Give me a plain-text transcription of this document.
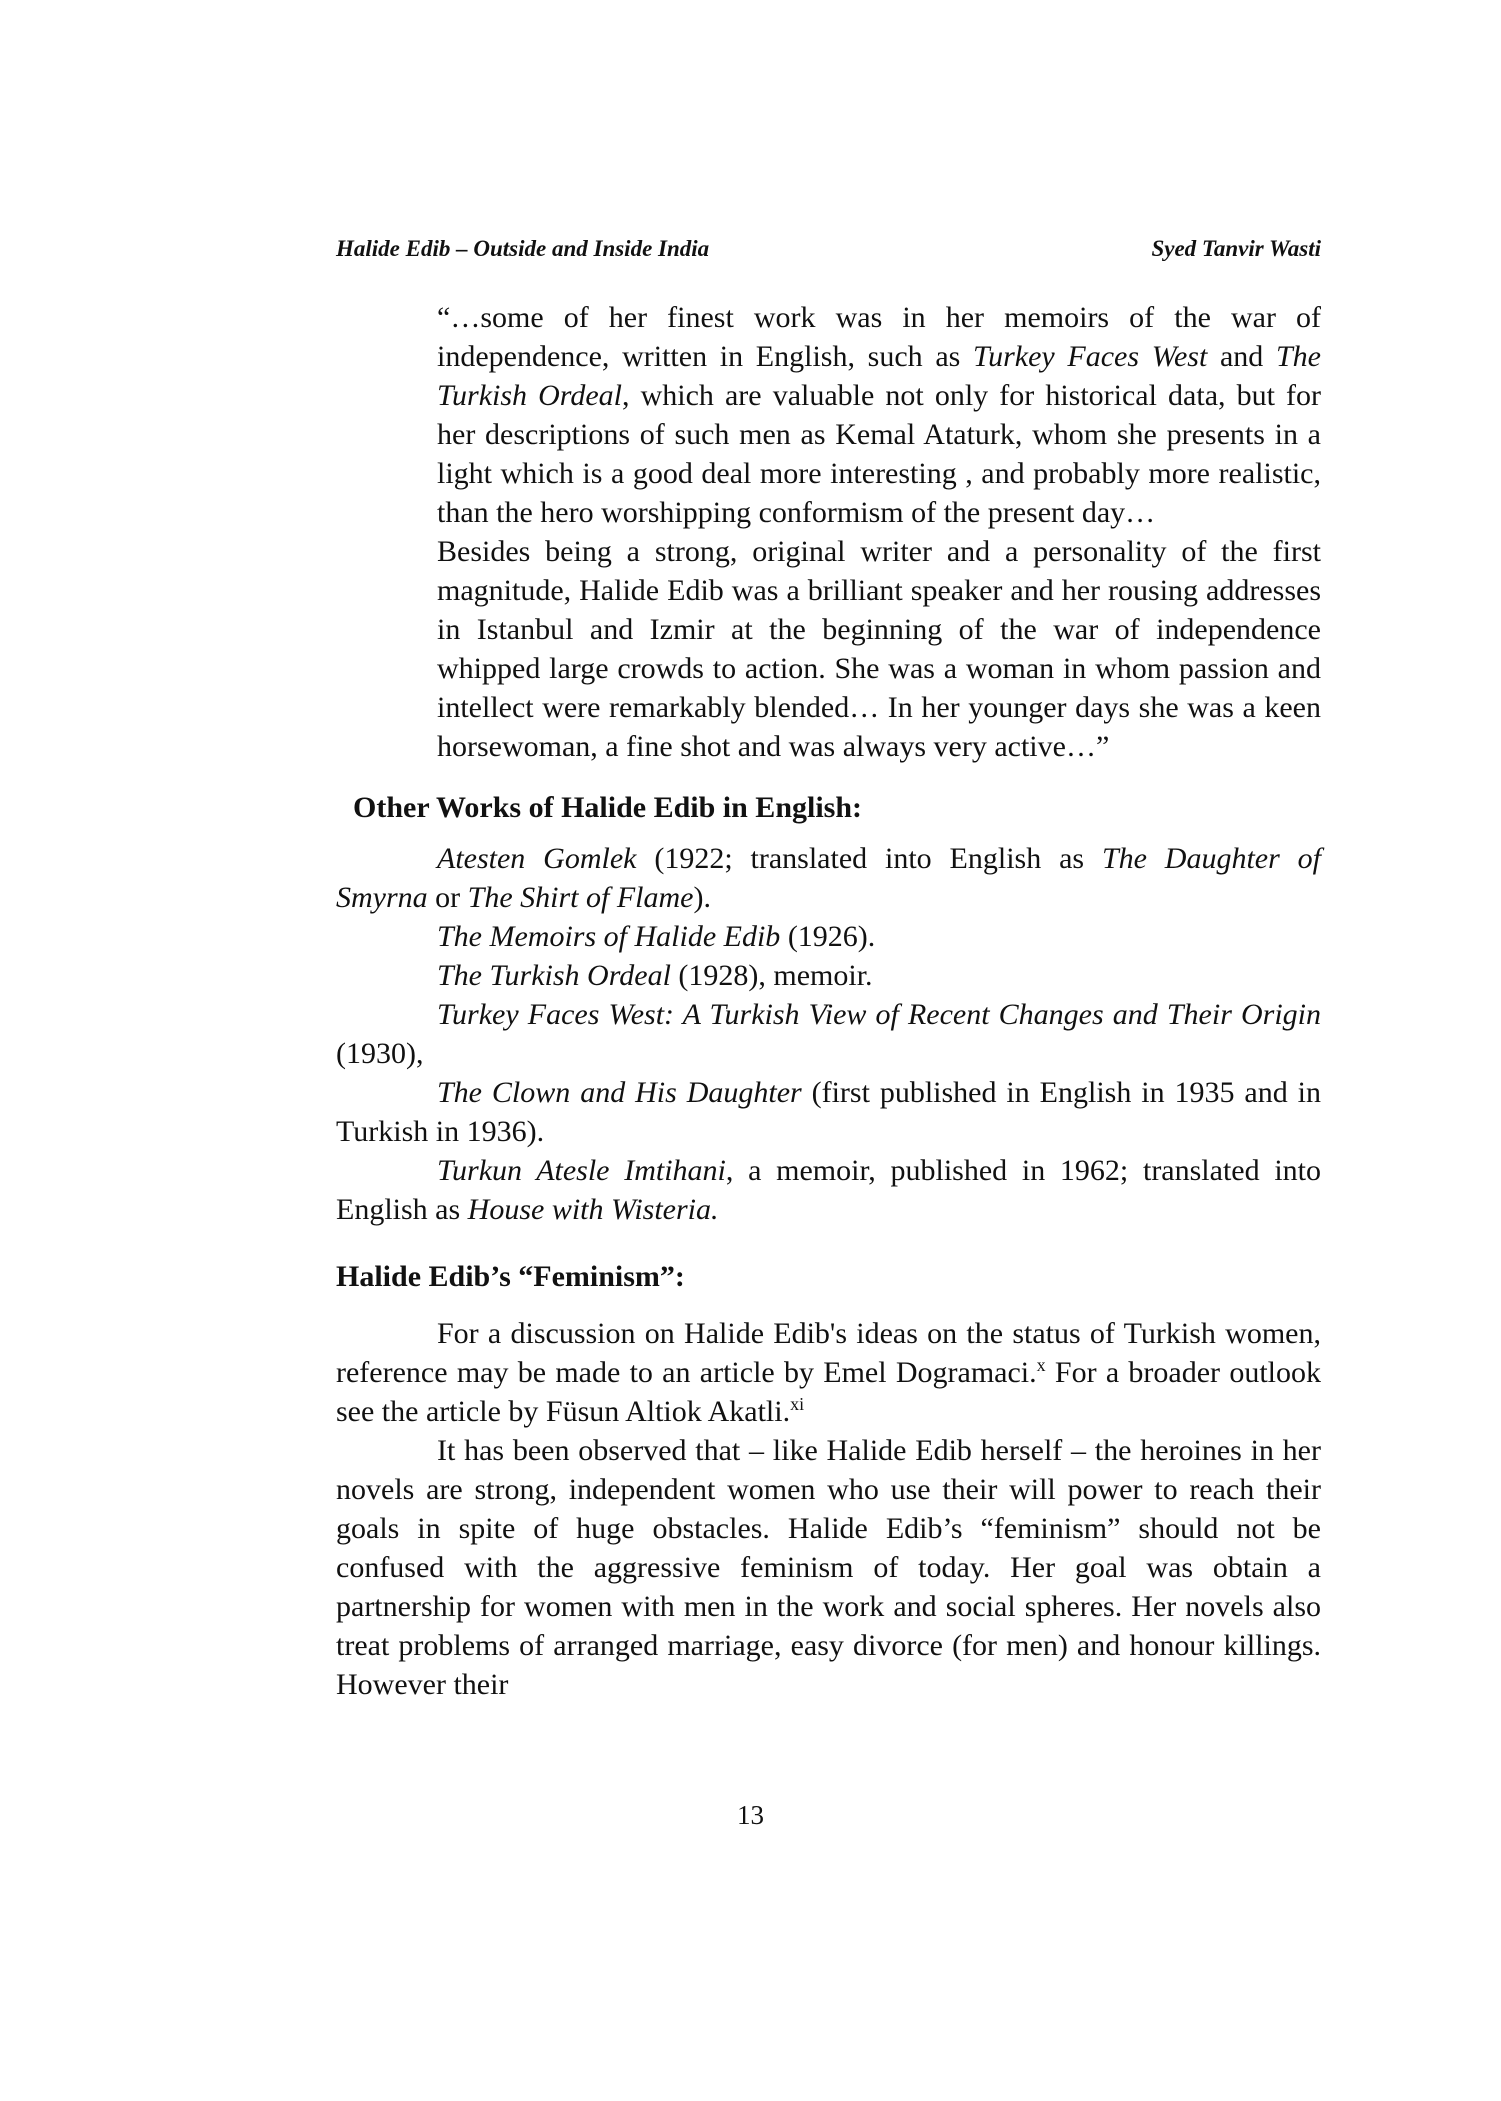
Halide Edib – Outside and Inside India	Syed Tanvir Wasti

“…some of her finest work was in her memoirs of the war of independence, written in English, such as Turkey Faces West and The Turkish Ordeal, which are valuable not only for historical data, but for her descriptions of such men as Kemal Ataturk, whom she presents in a light which is a good deal more interesting , and probably more realistic, than the hero worshipping conformism of the present day…

Besides being a strong, original writer and a personality of the first magnitude, Halide Edib was a brilliant speaker and her rousing addresses in Istanbul and Izmir at the beginning of the war of independence whipped large crowds to action. She was a woman in whom passion and intellect were remarkably blended… In her younger days she was a keen horsewoman, a fine shot and was always very active…”

Other Works of Halide Edib in English:

Atesten Gomlek (1922; translated into English as The Daughter of Smyrna or The Shirt of Flame).

The Memoirs of Halide Edib (1926).

The Turkish Ordeal (1928), memoir.

Turkey Faces West: A Turkish View of Recent Changes and Their Origin (1930),

The Clown and His Daughter (first published in English in 1935 and in Turkish in 1936).

Turkun Atesle Imtihani, a memoir, published in 1962; translated into English as House with Wisteria.

Halide Edib’s “Feminism”:

For a discussion on Halide Edib's ideas on the status of Turkish women, reference may be made to an article by Emel Dogramaci.$^x$ For a broader outlook see the article by Füsun Altiok Akatli.$^{xi}$

It has been observed that – like Halide Edib herself – the heroines in her novels are strong, independent women who use their will power to reach their goals in spite of huge obstacles. Halide Edib’s “feminism” should not be confused with the aggressive feminism of today. Her goal was obtain a partnership for women with men in the work and social spheres. Her novels also treat problems of arranged marriage, easy divorce (for men) and honour killings. However their

13
